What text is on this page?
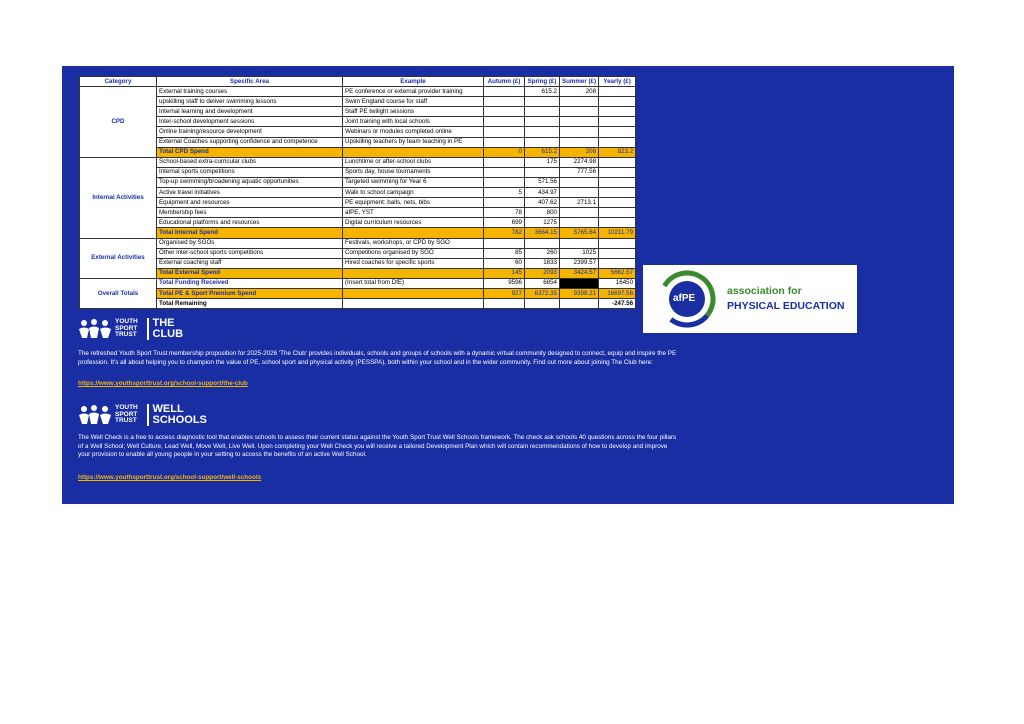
Category	Specific Area	Example	Autumn (£)	Spring (£)	Summer (£)	Yearly (£)
CPD	External training courses	PE conference or external provider training		615.2	208	
	upskilling staff to deliver swimming lessons	Swim England course for staff				
	Internal learning and development	Staff PE twilight sessions				
	Inter-school development sessions	Joint training with local schools				
	Online training/resource development	Webinars or modules completed online				
	External Coaches supporting confidence and competence	Upskilling teachers by team teaching in PE				
	Total CPD Spend		0	615.2	208	823.2
Internal Activities	School-based extra-curricular clubs	Lunchtime or after-school clubs		175	2274.98	
	Internal sports competitions	Sports day, house tournaments			777.56	
	Top-up swimming/broadening aquatic opportunities	Targeted swimming for Year 6		571.56		
	Active travel initiatives	Walk to school campaign	5	434.97		
	Equipment and resources	PE equipment: balls, nets, bibs		407.62	2713.1	
	Membership fees	afPE, YST	78	800		
	Educational platforms and resources	Digital curriculum resources	699	1275		
	Total Internal Spend		782	3664.15	5765.64	10211.79
External Activities	Organised by SGOs	Festivals, workshops, or CPD by SGO				
	Other inter-school sports competitions	Competitions organised by SGO	85	260	1025	
	External coaching staff	Hired coaches for specific sports	60	1833	2399.57	
	Total External Spend		145	2093	3424.57	5662.57
Overall Totals	Total Funding Received	(Insert total from DfE)	9596	6854		16450
	Total PE & Sport Premium Spend		927	6372.35	9398.21	16697.56
	Total Remaining					-247.56	afPE
association for
PHYSICAL EDUCATION
YOUTH SPORT TRUST
THE CLUB

The refreshed Youth Sport Trust membership proposition for 2025-2026 'The Club' provides individuals, schools and groups of schools with a dynamic virtual community designed to connect, equip and inspire the PE profession. It's all about helping you to champion the value of PE, school sport and physical activity (PESSPA), both within your school and in the wider community. Find out more about joining The Club here:

https://www.youthsporttrust.org/school-support/the-club
YOUTH SPORT TRUST
WELL SCHOOLS

The Well Check is a free to access diagnostic tool that enables schools to assess their current status against the Youth Sport Trust Well Schools framework. The check ask schools 40 questions across the four pillars of a Well School; Well Culture, Lead Well, Move Well, Live Well. Upon completing your Well Check you will receive a tailored Development Plan which will contain recommendations of how to develop and improve your provision to enable all young people in your setting to access the benefits of an active Well School.

https://www.youthsporttrust.org/school-support/well-schools
